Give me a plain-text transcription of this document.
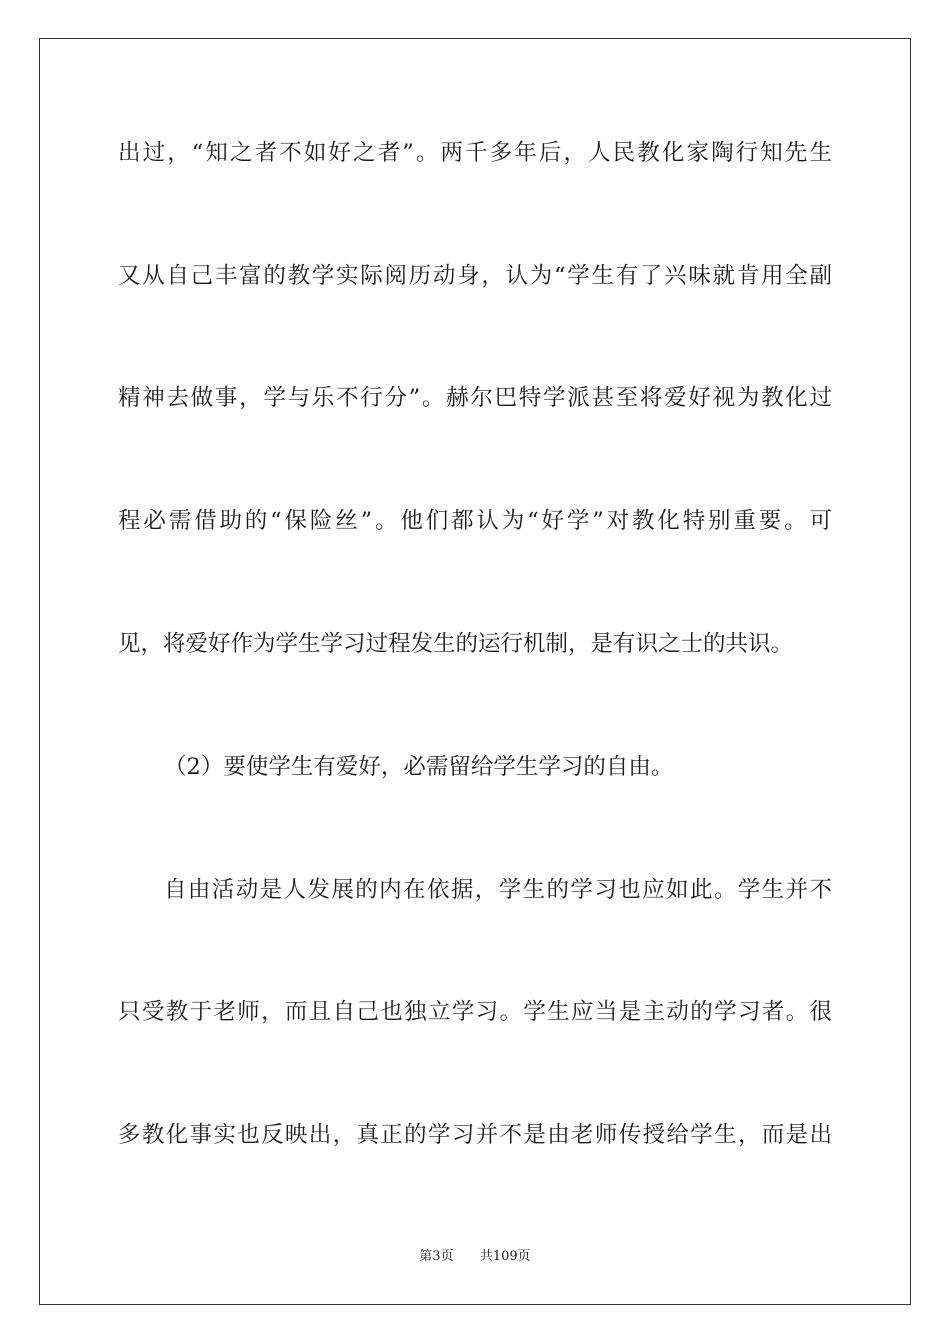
出过，“知之者不如好之者”。两千多年后，人民教化家陶行知先生
又从自己丰富的教学实际阅历动身，认为“学生有了兴味就肯用全副
精神去做事，学与乐不行分”。赫尔巴特学派甚至将爱好视为教化过
程必需借助的“保险丝”。他们都认为“好学”对教化特别重要。可
见，将爱好作为学生学习过程发生的运行机制，是有识之士的共识。
（2）要使学生有爱好，必需留给学生学习的自由。
自由活动是人发展的内在依据，学生的学习也应如此。学生并不
只受教于老师，而且自己也独立学习。学生应当是主动的学习者。很
多教化事实也反映出，真正的学习并不是由老师传授给学生，而是出
第3页 共109页
